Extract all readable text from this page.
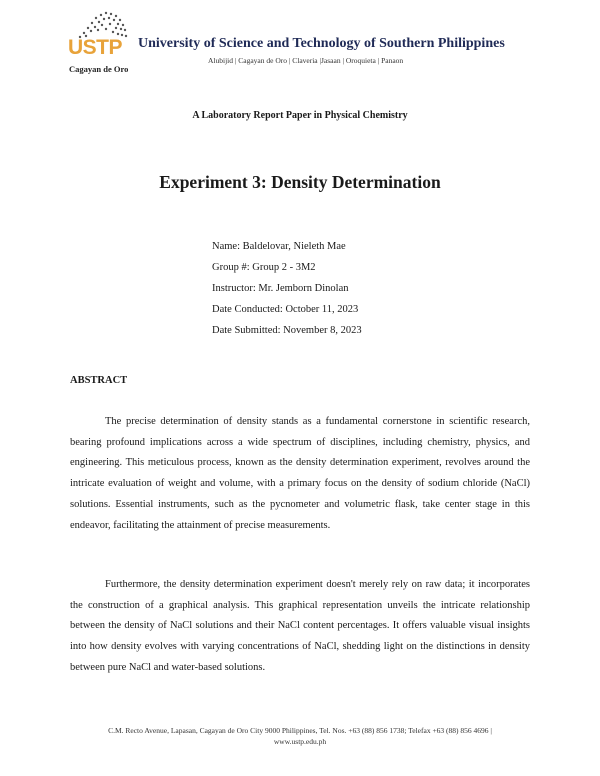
USTP
Cagayan de Oro
University of Science and Technology of Southern Philippines
Alubijid | Cagayan de Oro | Claveria |Jasaan | Oroquieta | Panaon
A Laboratory Report Paper in Physical Chemistry
Experiment 3: Density Determination
Name: Baldelovar, Nieleth Mae
Group #: Group 2 - 3M2
Instructor: Mr. Jemborn Dinolan
Date Conducted: October 11, 2023
Date Submitted: November 8, 2023
ABSTRACT

The precise determination of density stands as a fundamental cornerstone in scientific research, bearing profound implications across a wide spectrum of disciplines, including chemistry, physics, and engineering. This meticulous process, known as the density determination experiment, revolves around the intricate evaluation of weight and volume, with a primary focus on the density of sodium chloride (NaCl) solutions. Essential instruments, such as the pycnometer and volumetric flask, take center stage in this endeavor, facilitating the attainment of precise measurements.

Furthermore, the density determination experiment doesn't merely rely on raw data; it incorporates the construction of a graphical analysis. This graphical representation unveils the intricate relationship between the density of NaCl solutions and their NaCl content percentages. It offers valuable visual insights into how density evolves with varying concentrations of NaCl, shedding light on the distinctions in density between pure NaCl and water-based solutions.

C.M. Recto Avenue, Lapasan, Cagayan de Oro City 9000 Philippines, Tel. Nos. +63 (88) 856 1738; Telefax +63 (88) 856 4696 |
www.ustp.edu.ph
